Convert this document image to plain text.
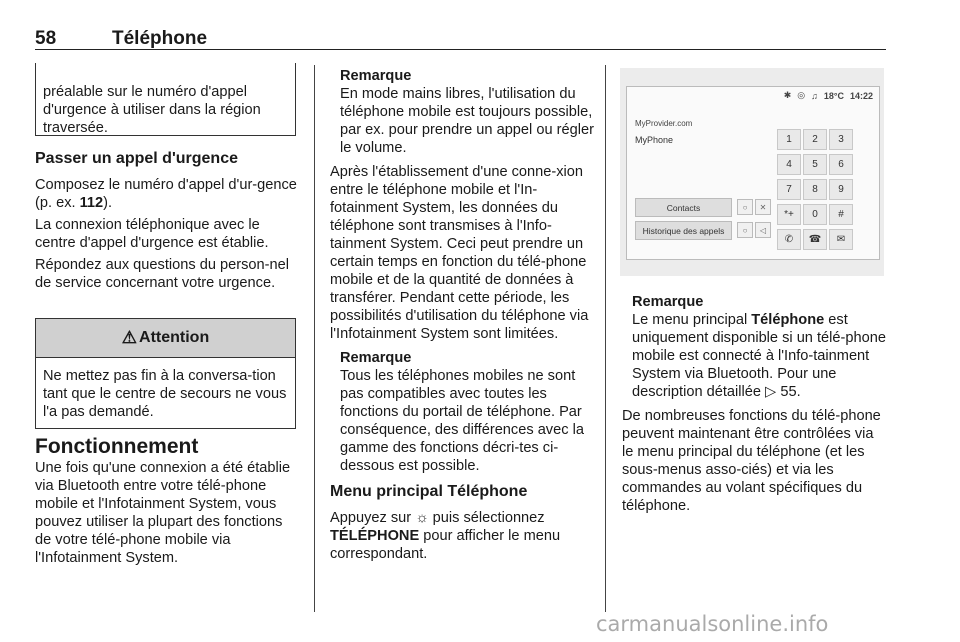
58	Téléphone

préalable sur le numéro d'appel d'urgence à utiliser dans la région traversée.

Passer un appel d'urgence

Composez le numéro d'appel d'ur-gence (p. ex. 112).

La connexion téléphonique avec le centre d'appel d'urgence est établie.

Répondez aux questions du person-nel de service concernant votre urgence.

⚠ Attention
Ne mettez pas fin à la conversa-tion tant que le centre de secours ne vous l'a pas demandé.
Fonctionnement

Une fois qu'une connexion a été établie via Bluetooth entre votre télé-phone mobile et l'Infotainment System, vous pouvez utiliser la plupart des fonctions de votre télé-phone mobile via l'Infotainment System.

Remarque

En mode mains libres, l'utilisation du téléphone mobile est toujours possible, par ex. pour prendre un appel ou régler le volume.

Après l'établissement d'une conne-xion entre le téléphone mobile et l'In-fotainment System, les données du téléphone sont transmises à l'Info-tainment System. Ceci peut prendre un certain temps en fonction du télé-phone mobile et de la quantité de données à transférer. Pendant cette période, les possibilités d'utilisation du téléphone via l'Infotainment System sont limitées.

Remarque

Tous les téléphones mobiles ne sont pas compatibles avec toutes les fonctions du portail de téléphone. Par conséquence, des différences avec la gamme des fonctions décri-tes ci-dessous est possible.

Menu principal Téléphone

Appuyez sur ☼ puis sélectionnez TÉLÉPHONE pour afficher le menu correspondant.

✱ ◎ ♫ 18°C 14:22
MyProvider.com
MyPhone	1	2	3
4	5	6
7	8	9
*+	0	#
✆	☎	✉
Contacts
Historique des appels
○	✕
○	◁

Remarque

Le menu principal Téléphone est uniquement disponible si un télé-phone mobile est connecté à l'Info-tainment System via Bluetooth. Pour une description détaillée ▷ 55.

De nombreuses fonctions du télé-phone peuvent maintenant être contrôlées via le menu principal du téléphone (et les sous-menus asso-ciés) et via les commandes au volant spécifiques du téléphone.

carmanualsonline.info
